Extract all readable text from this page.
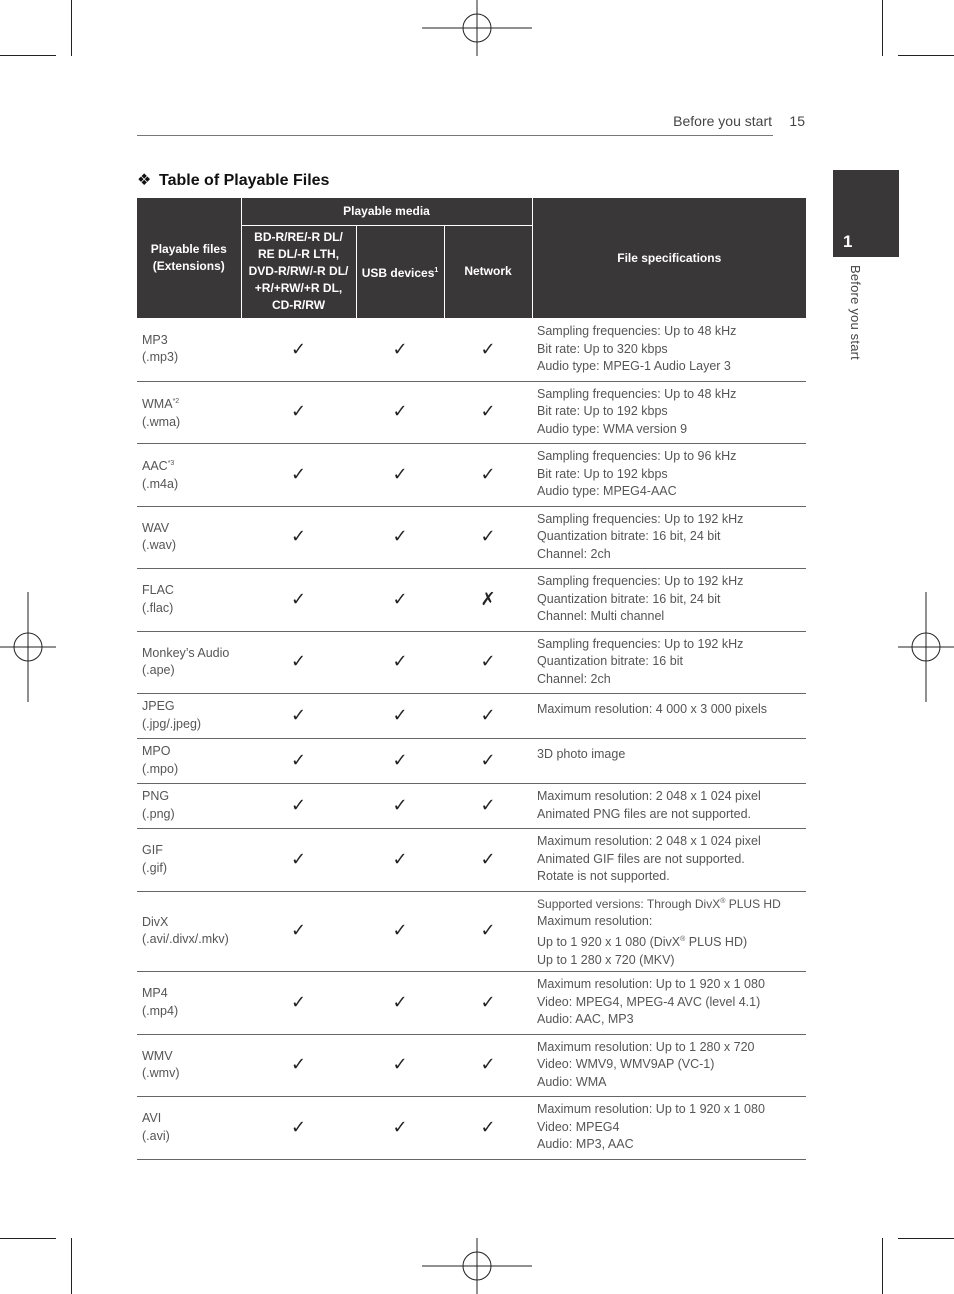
Before you start 15
1
Before you start
❖ Table of Playable Files
Playable files (Extensions)	Playable media			File specifications
	BD-R/RE/-R DL/ RE DL/-R LTH, DVD-R/RW/-R DL/ +R/+RW/+R DL, CD-R/RW	USB devices$^1$	Network	
MP3
(.mp3)	✓	✓	✓	Sampling frequencies: Up to 48 kHz
Bit rate: Up to 320 kbps
Audio type: MPEG-1 Audio Layer 3

WMA$^{*2}$
(.wma)	✓	✓	✓	Sampling frequencies: Up to 48 kHz
Bit rate: Up to 192 kbps
Audio type: WMA version 9

AAC$^{*3}$
(.m4a)	✓	✓	✓	Sampling frequencies: Up to 96 kHz
Bit rate: Up to 192 kbps
Audio type: MPEG4-AAC

WAV
(.wav)	✓	✓	✓	Sampling frequencies: Up to 192 kHz
Quantization bitrate: 16 bit, 24 bit
Channel: 2ch

FLAC
(.flac)	✓	✓	✗	Sampling frequencies: Up to 192 kHz
Quantization bitrate: 16 bit, 24 bit
Channel: Multi channel

Monkey’s Audio
(.ape)	✓	✓	✓	Sampling frequencies: Up to 192 kHz
Quantization bitrate: 16 bit
Channel: 2ch

JPEG
(.jpg/.jpeg)	✓	✓	✓	Maximum resolution: 4 000 x 3 000 pixels

MPO
(.mpo)	✓	✓	✓	3D photo image

PNG
(.png)	✓	✓	✓	Maximum resolution: 2 048 x 1 024 pixel
Animated PNG files are not supported.

GIF
(.gif)	✓	✓	✓	Maximum resolution: 2 048 x 1 024 pixel
Animated GIF files are not supported.
Rotate is not supported.

DivX
(.avi/.divx/.mkv)	✓	✓	✓	Supported versions: Through DivX® PLUS HD
Maximum resolution:
Up to 1 920 x 1 080 (DivX® PLUS HD)
Up to 1 280 x 720 (MKV)

MP4
(.mp4)	✓	✓	✓	Maximum resolution: Up to 1 920 x 1 080
Video: MPEG4, MPEG-4 AVC (level 4.1)
Audio: AAC, MP3

WMV
(.wmv)	✓	✓	✓	Maximum resolution: Up to 1 280 x 720
Video: WMV9, WMV9AP (VC-1)
Audio: WMA

AVI
(.avi)	✓	✓	✓	Maximum resolution: Up to 1 920 x 1 080
Video: MPEG4
Audio: MP3, AAC
